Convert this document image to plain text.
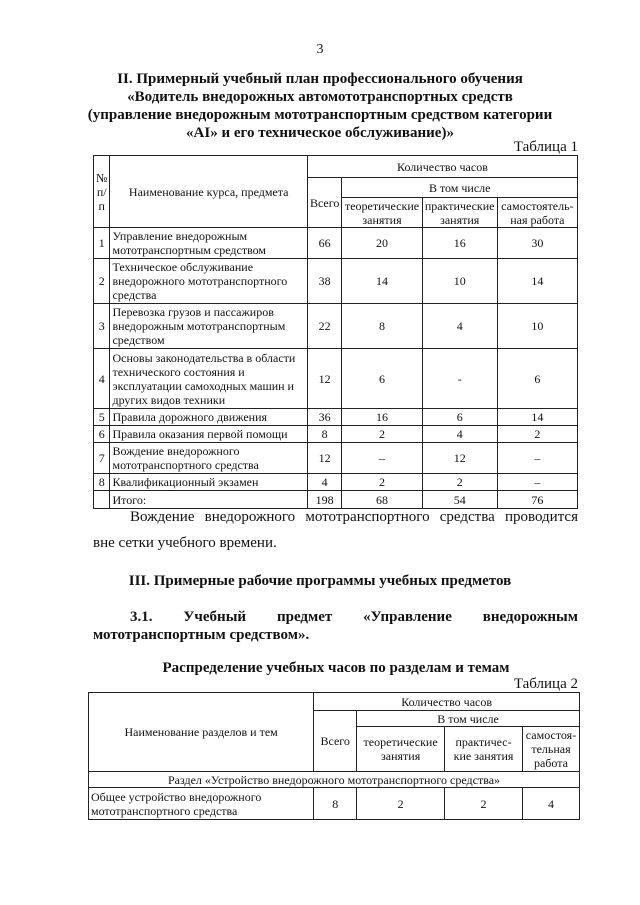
3
II. Примерный учебный план профессионального обучения
«Водитель внедорожных автомототранспортных средств
(управление внедорожным мототранспортным средством категории
«AI» и его техническое обслуживание)»
Таблица 1
№ п/п	Наименование курса, предмета	Количество часов			
		Всего	В том числе		
			теоретические занятия	практические занятия	самостоятель-ная работа
1	Управление внедорожным мототранспортным средством	66	20	16	30
2	Техническое обслуживание внедорожного мототранспортного средства	38	14	10	14
3	Перевозка грузов и пассажиров внедорожным мототранспортным средством	22	8	4	10
4	Основы законодательства в области технического состояния и эксплуатации самоходных машин и других видов техники	12	6	-	6
5	Правила дорожного движения	36	16	6	14
6	Правила оказания первой помощи	8	2	4	2
7	Вождение внедорожного мототранспортного средства	12	–	12	–
8	Квалификационный экзамен	4	2	2	–
	Итого:	198	68	54	76
Вождение внедорожного мототранспортного средства проводится
вне сетки учебного времени.
III. Примерные рабочие программы учебных предметов
3.1. Учебный предмет «Управление внедорожным
мототранспортным средством».
Распределение учебных часов по разделам и темам
Таблица 2
Наименование разделов и тем	Количество часов			
	Всего	В том числе		
		теоретические занятия	практичес-кие занятия	самостоя-тельная работа
Раздел «Устройство внедорожного мототранспортного средства»				
Общее устройство внедорожного мототранспортного средства	8	2	2	4
